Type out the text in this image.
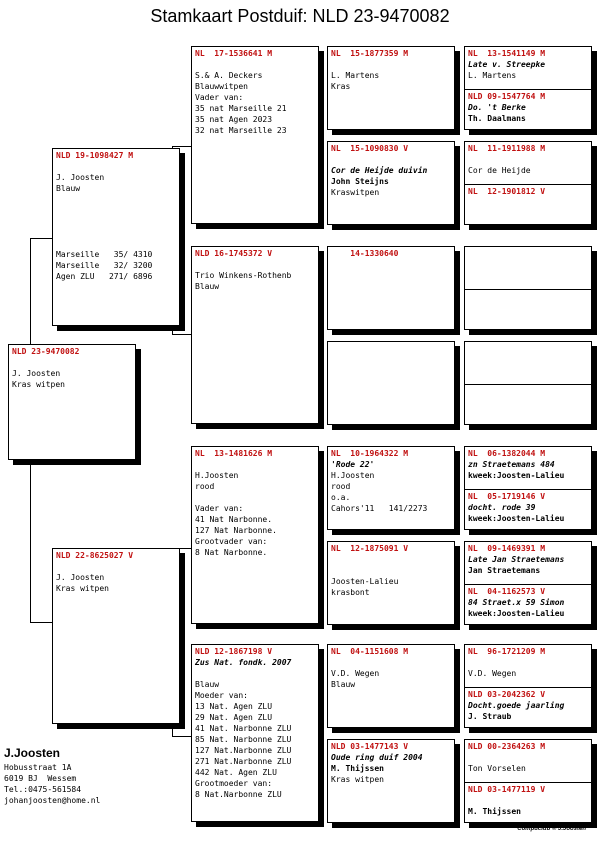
Stamkaart Postduif: NLD 23-9470082
NLD 23-9470082
J. Joosten
Kras witpen
NLD 19-1098427 M
J. Joosten
Blauw
Marseille   35/ 4310
Marseille   32/ 3200
Agen ZLU   271/ 6896
NLD 22-8625027 V
J. Joosten
Kras witpen
NL  17-1536641 M
S.& A. Deckers
Blauwwitpen
Vader van:
35 nat Marseille 21
35 nat Agen 2023
32 nat Marseille 23
NLD 16-1745372 V
Trio Winkens-Rothenb
Blauw
NL  13-1481626 M
H.Joosten
rood
Vader van:
41 Nat Narbonne.
127 Nat Narbonne.
Grootvader van:
8 Nat Narbonne.
NLD 12-1867198 V
Zus Nat. fondk. 2007
Blauw
Moeder van:
13 Nat. Agen ZLU
29 Nat. Agen ZLU
41 Nat. Narbonne ZLU
85 Nat. Narbonne ZLU
127 Nat.Narbonne ZLU
271 Nat.Narbonne ZLU
442 Nat. Agen ZLU
Grootmoeder van:
8 Nat.Narbonne ZLU
NL  15-1877359 M
L. Martens
Kras
NL  15-1090830 V
Cor de Heijde duivin
John Steijns
Kraswitpen
14-1330640
NL  10-1964322 M
'Rode 22'
H.Joosten
rood
o.a.
Cahors'11   141/2273
NL  12-1875091 V
Joosten-Lalieu
krasbont
NL  04-1151608 M
V.D. Wegen
Blauw
NLD 03-1477143 V
Oude ring duif 2004
M. Thijssen
Kras witpen
NL  13-1541149 M
Late v. Streepke
L. Martens
NLD 09-1547764 M
Do. 't Berke
Th. Daalmans
NL  11-1911988 M
Cor de Heijde
NL  12-1901812 V
NL  06-1382044 M
zn Straetemans 484
kweek:Joosten-Lalieu
NL  05-1719146 V
docht. rode 39
kweek:Joosten-Lalieu
NL  09-1469391 M
Late Jan Straetemans
Jan Straetemans
NL  04-1162573 V
84 Straet.x 59 Simon
kweek:Joosten-Lalieu
NL  96-1721209 M
V.D. Wegen
NLD 03-2042362 V
Docht.goede jaarling
J. Straub
NLD 00-2364263 M
Ton Vorselen
NLD 03-1477119 V
M. Thijssen
J.Joosten
Hobusstraat 1A
6019 BJ  Wessem
Tel.:0475-561584
johanjoosten@home.nl
Compuclub © J.Joosten
